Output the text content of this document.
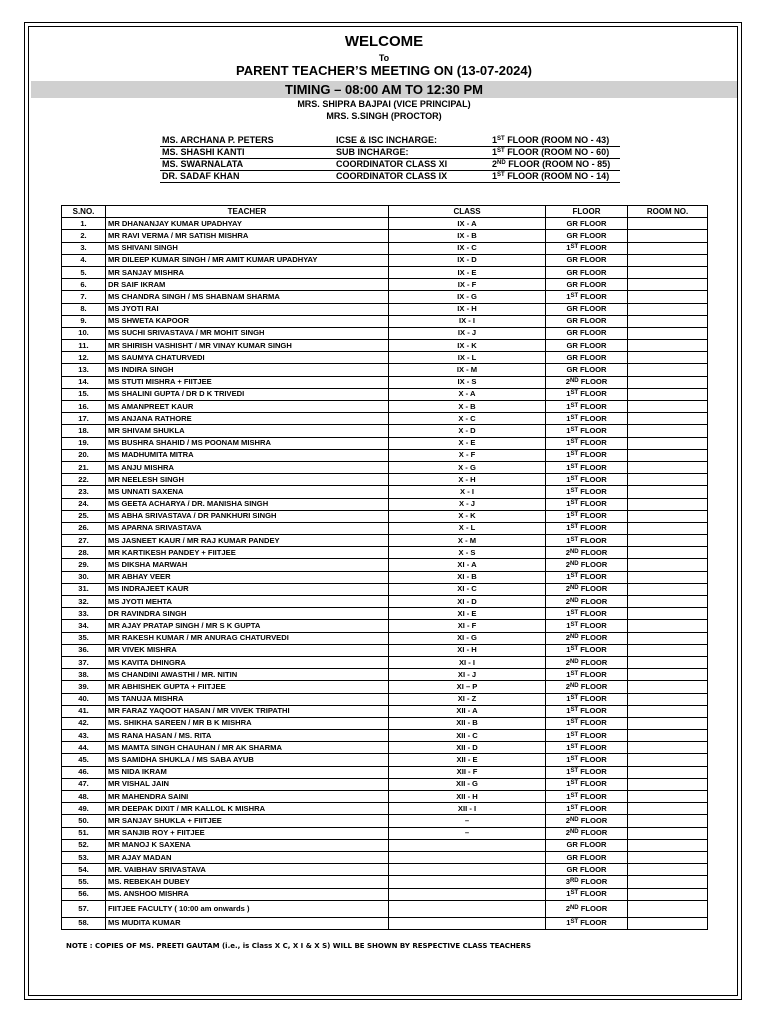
WELCOME
To
PARENT TEACHER’S MEETING ON (13-07-2024)
TIMING – 08:00 AM TO 12:30 PM
MRS. SHIPRA BAJPAI (VICE PRINCIPAL)
MRS. S.SINGH (PROCTOR)
MS. ARCHANA P. PETERS	ICSE & ISC INCHARGE:	1ST FLOOR (ROOM NO - 43)
MS. SHASHI KANTI	SUB INCHARGE:	1ST FLOOR (ROOM NO - 60)
MS. SWARNALATA	COORDINATOR CLASS XI	2ND FLOOR (ROOM NO - 85)
DR. SADAF KHAN	COORDINATOR CLASS IX	1ST FLOOR (ROOM NO - 14)
S.NO.	TEACHER	CLASS	FLOOR	ROOM NO.
1.	MR DHANANJAY KUMAR UPADHYAY	IX - A	GR FLOOR	
2.	MR RAVI VERMA / MR SATISH MISHRA	IX - B	GR FLOOR	
3.	MS SHIVANI SINGH	IX - C	1ST FLOOR	
4.	MR DILEEP KUMAR SINGH / MR AMIT KUMAR UPADHYAY	IX - D	GR FLOOR	
5.	MR SANJAY MISHRA	IX - E	GR FLOOR	
6.	DR SAIF IKRAM	IX - F	GR FLOOR	
7.	MS CHANDRA SINGH / MS SHABNAM SHARMA	IX - G	1ST FLOOR	
8.	MS JYOTI RAI	IX - H	GR FLOOR	
9.	MS SHWETA KAPOOR	IX - I	GR FLOOR	
10.	MS SUCHI SRIVASTAVA / MR MOHIT SINGH	IX - J	GR FLOOR	
11.	MR SHIRISH VASHISHT / MR VINAY KUMAR SINGH	IX - K	GR FLOOR	
12.	MS SAUMYA CHATURVEDI	IX - L	GR FLOOR	
13.	MS INDIRA SINGH	IX - M	GR FLOOR	
14.	MS STUTI MISHRA + FIITJEE	IX - S	2ND FLOOR	
15.	MS SHALINI GUPTA / DR D K TRIVEDI	X - A	1ST FLOOR	
16.	MS AMANPREET KAUR	X - B	1ST FLOOR	
17.	MS ANJANA RATHORE	X - C	1ST FLOOR	
18.	MR SHIVAM SHUKLA	X - D	1ST FLOOR	
19.	MS BUSHRA SHAHID / MS POONAM MISHRA	X - E	1ST FLOOR	
20.	MS MADHUMITA MITRA	X - F	1ST FLOOR	
21.	MS ANJU MISHRA	X - G	1ST FLOOR	
22.	MR NEELESH SINGH	X - H	1ST FLOOR	
23.	MS UNNATI SAXENA	X - I	1ST FLOOR	
24.	MS GEETA ACHARYA / DR. MANISHA SINGH	X - J	1ST FLOOR	
25.	MS ABHA SRIVASTAVA / DR PANKHURI SINGH	X - K	1ST FLOOR	
26.	MS APARNA SRIVASTAVA	X - L	1ST FLOOR	
27.	MS JASNEET KAUR / MR RAJ KUMAR PANDEY	X - M	1ST FLOOR	
28.	MR KARTIKESH PANDEY + FIITJEE	X - S	2ND FLOOR	
29.	MS DIKSHA MARWAH	XI - A	2ND FLOOR	
30.	MR ABHAY VEER	XI - B	1ST FLOOR	
31.	MS INDRAJEET KAUR	XI - C	2ND FLOOR	
32.	MS JYOTI MEHTA	XI - D	2ND FLOOR	
33.	DR RAVINDRA SINGH	XI - E	1ST FLOOR	
34.	MR AJAY PRATAP SINGH / MR S K GUPTA	XI - F	1ST FLOOR	
35.	MR RAKESH KUMAR / MR ANURAG CHATURVEDI	XI - G	2ND FLOOR	
36.	MR VIVEK MISHRA	XI - H	1ST FLOOR	
37.	MS KAVITA DHINGRA	XI - I	2ND FLOOR	
38.	MS CHANDINI AWASTHI / MR. NITIN	XI - J	1ST FLOOR	
39.	MR ABHISHEK GUPTA + FIITJEE	XI – P	2ND FLOOR	
40.	MS TANUJA MISHRA	XI - Z	1ST FLOOR	
41.	MR FARAZ YAQOOT HASAN / MR VIVEK TRIPATHI	XII - A	1ST FLOOR	
42.	MS. SHIKHA SAREEN / MR B K MISHRA	XII - B	1ST FLOOR	
43.	MS RANA HASAN / MS. RITA	XII - C	1ST FLOOR	
44.	MS MAMTA SINGH CHAUHAN / MR AK SHARMA	XII - D	1ST FLOOR	
45.	MS SAMIDHA SHUKLA / MS SABA AYUB	XII - E	1ST FLOOR	
46.	MS NIDA IKRAM	XII - F	1ST FLOOR	
47.	MR VISHAL JAIN	XII - G	1ST FLOOR	
48.	MR MAHENDRA SAINI	XII - H	1ST FLOOR	
49.	MR DEEPAK DIXIT / MR KALLOL K MISHRA	XII - I	1ST FLOOR	
50.	MR SANJAY SHUKLA + FIITJEE	–	2ND FLOOR	
51.	MR SANJIB ROY + FIITJEE	–	2ND FLOOR	
52.	MR MANOJ K SAXENA		GR FLOOR	
53.	MR AJAY MADAN		GR FLOOR	
54.	MR. VAIBHAV SRIVASTAVA		GR FLOOR	
55.	MS. REBEKAH DUBEY		3RD FLOOR	
56.	MS. ANSHOO MISHRA		1ST FLOOR	
57.	FIITJEE FACULTY ( 10:00 am onwards )		2ND FLOOR	
58.	MS MUDITA KUMAR		1ST FLOOR	
NOTE : COPIES OF MS. PREETI GAUTAM (i.e., is Class X C, X I & X S) WILL BE SHOWN BY RESPECTIVE CLASS TEACHERS
